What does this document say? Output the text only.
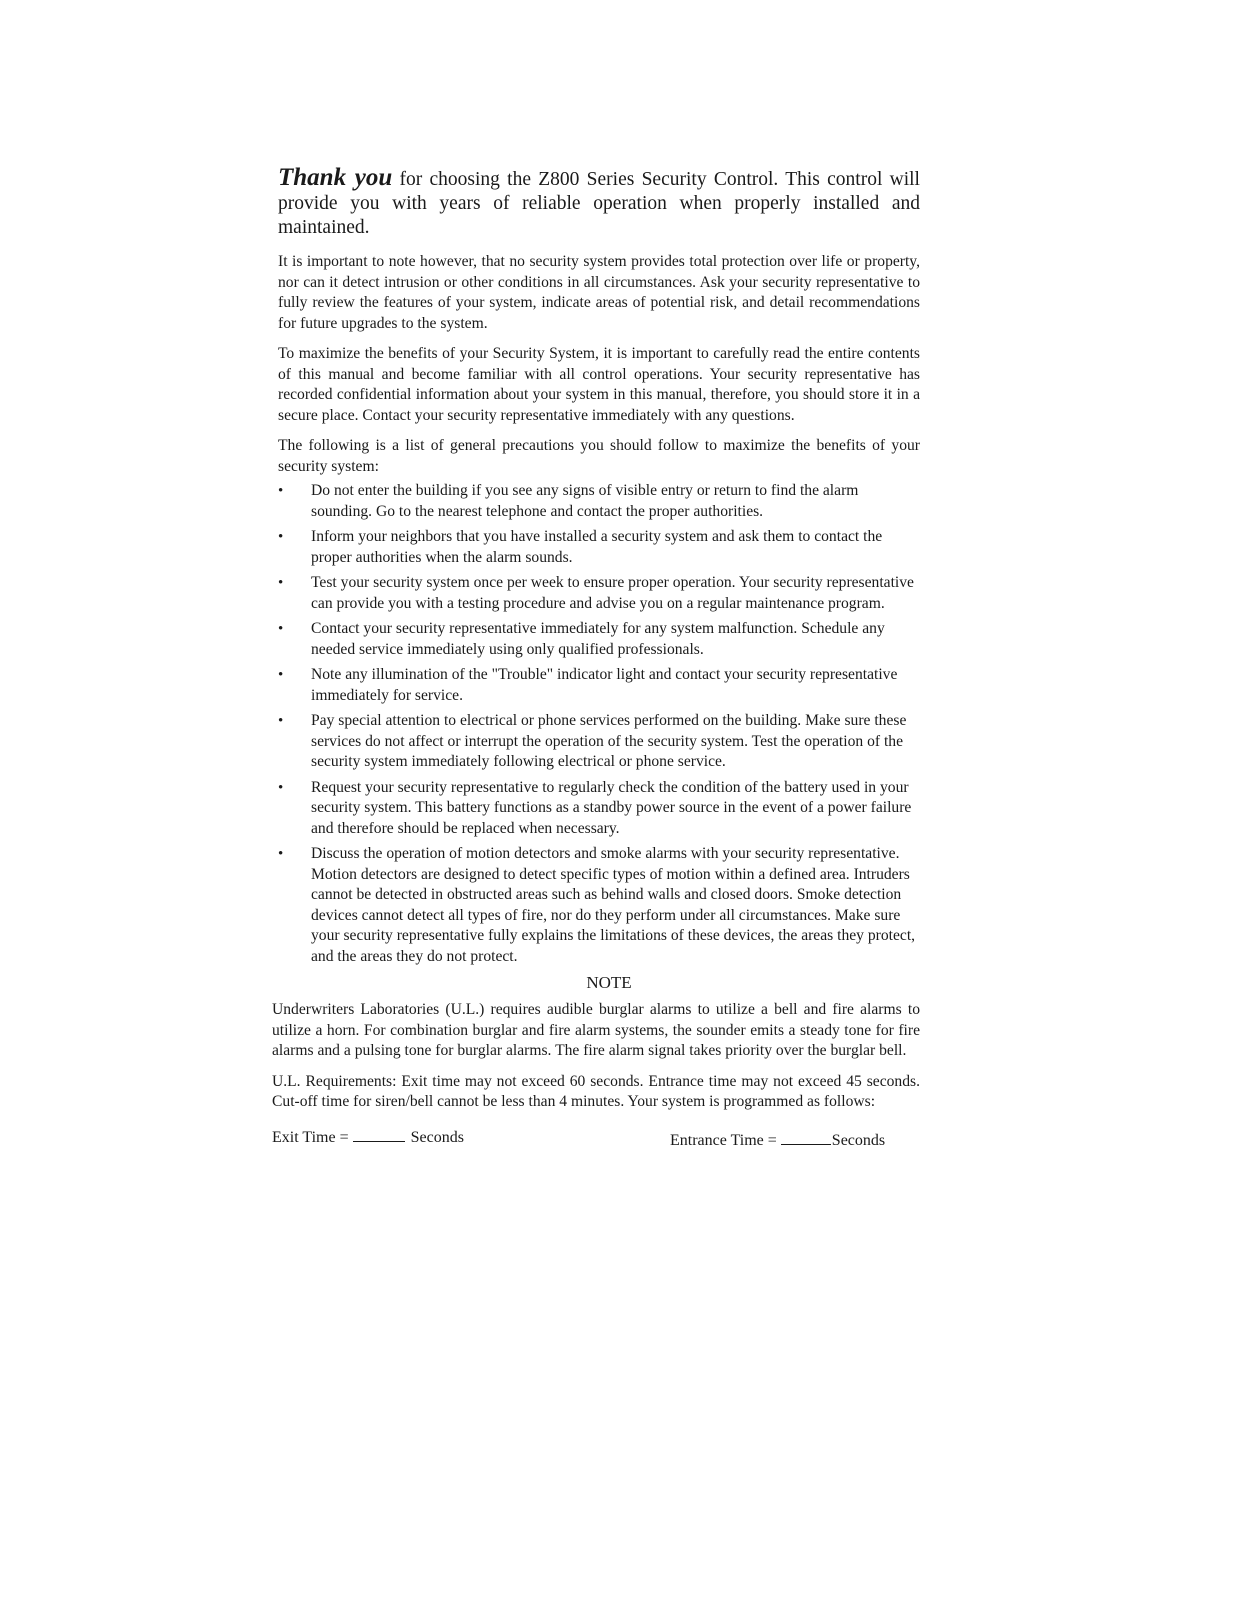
Thank you for choosing the Z800 Series Security Control. This control will provide you with years of reliable operation when properly installed and maintained.

It is important to note however, that no security system provides total protection over life or property, nor can it detect intrusion or other conditions in all circumstances. Ask your security representative to fully review the features of your system, indicate areas of potential risk, and detail recommendations for future upgrades to the system.

To maximize the benefits of your Security System, it is important to carefully read the entire contents of this manual and become familiar with all control operations. Your security representative has recorded confidential information about your system in this manual, therefore, you should store it in a secure place. Contact your security representative immediately with any questions.

The following is a list of general precautions you should follow to maximize the benefits of your security system:

•	Do not enter the building if you see any signs of visible entry or return to find the alarm sounding. Go to the nearest telephone and contact the proper authorities.
•	Inform your neighbors that you have installed a security system and ask them to contact the proper authorities when the alarm sounds.
•	Test your security system once per week to ensure proper operation. Your security representative can provide you with a testing procedure and advise you on a regular maintenance program.
•	Contact your security representative immediately for any system malfunction. Schedule any needed service immediately using only qualified professionals.
•	Note any illumination of the "Trouble" indicator light and contact your security representative immediately for service.
•	Pay special attention to electrical or phone services performed on the building. Make sure these services do not affect or interrupt the operation of the security system. Test the operation of the security system immediately following electrical or phone service.
•	Request your security representative to regularly check the condition of the battery used in your security system. This battery functions as a standby power source in the event of a power failure and therefore should be replaced when necessary.
•	Discuss the operation of motion detectors and smoke alarms with your security representative. Motion detectors are designed to detect specific types of motion within a defined area. Intruders cannot be detected in obstructed areas such as behind walls and closed doors. Smoke detection devices cannot detect all types of fire, nor do they perform under all circumstances. Make sure your security representative fully explains the limitations of these devices, the areas they protect, and the areas they do not protect.
NOTE

Underwriters Laboratories (U.L.) requires audible burglar alarms to utilize a bell and fire alarms to utilize a horn. For combination burglar and fire alarm systems, the sounder emits a steady tone for fire alarms and a pulsing tone for burglar alarms. The fire alarm signal takes priority over the burglar bell.

U.L. Requirements: Exit time may not exceed 60 seconds. Entrance time may not exceed 45 seconds. Cut-off time for siren/bell cannot be less than 4 minutes. Your system is programmed as follows:

Exit Time =	Seconds	Entrance Time =	Seconds
